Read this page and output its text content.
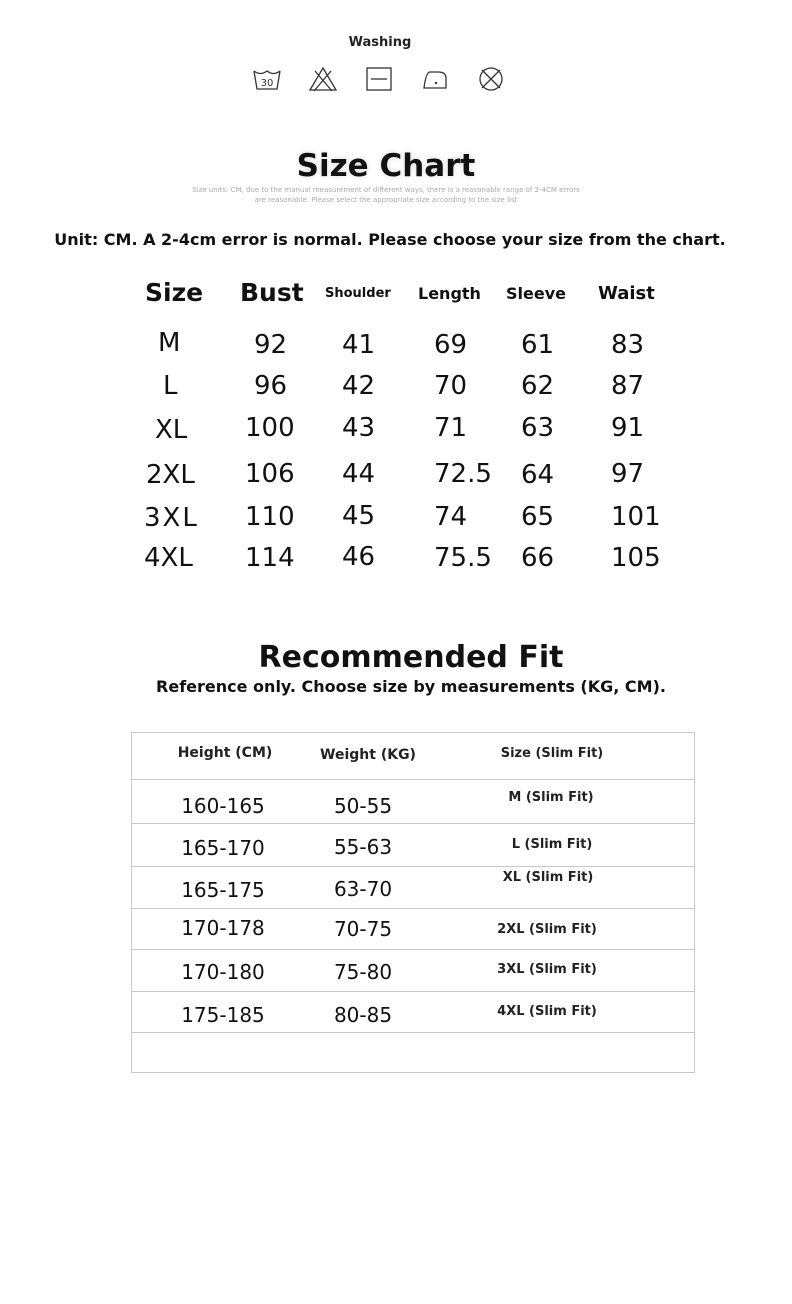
Washing
30
Size Chart
Size units: CM, due to the manual measurement of different ways, there is a reasonable range of 2-4CM errors
are reasonable. Please select the appropriate size according to the size list
Unit: CM. A 2-4cm error is normal. Please choose your size from the chart.
Size Bust Shoulder Length Sleeve Waist
M	92 41 69 61 83
L	96 42 70 62 87
XL 100 43 71 63 91
2XL 106 44 72.5 64 97
3XL 110 45 74 65 101
4XL 114 46 75.5 66 105
Recommended Fit
Reference only. Choose size by measurements (KG, CM).
Height (CM)	Weight (KG)	Size (Slim Fit)
160-165	50-55	M (Slim Fit)
165-170	55-63	L (Slim Fit)
165-175	63-70	XL (Slim Fit)
170-178	70-75	2XL (Slim Fit)
170-180	75-80	3XL (Slim Fit)
175-185	80-85	4XL (Slim Fit)
